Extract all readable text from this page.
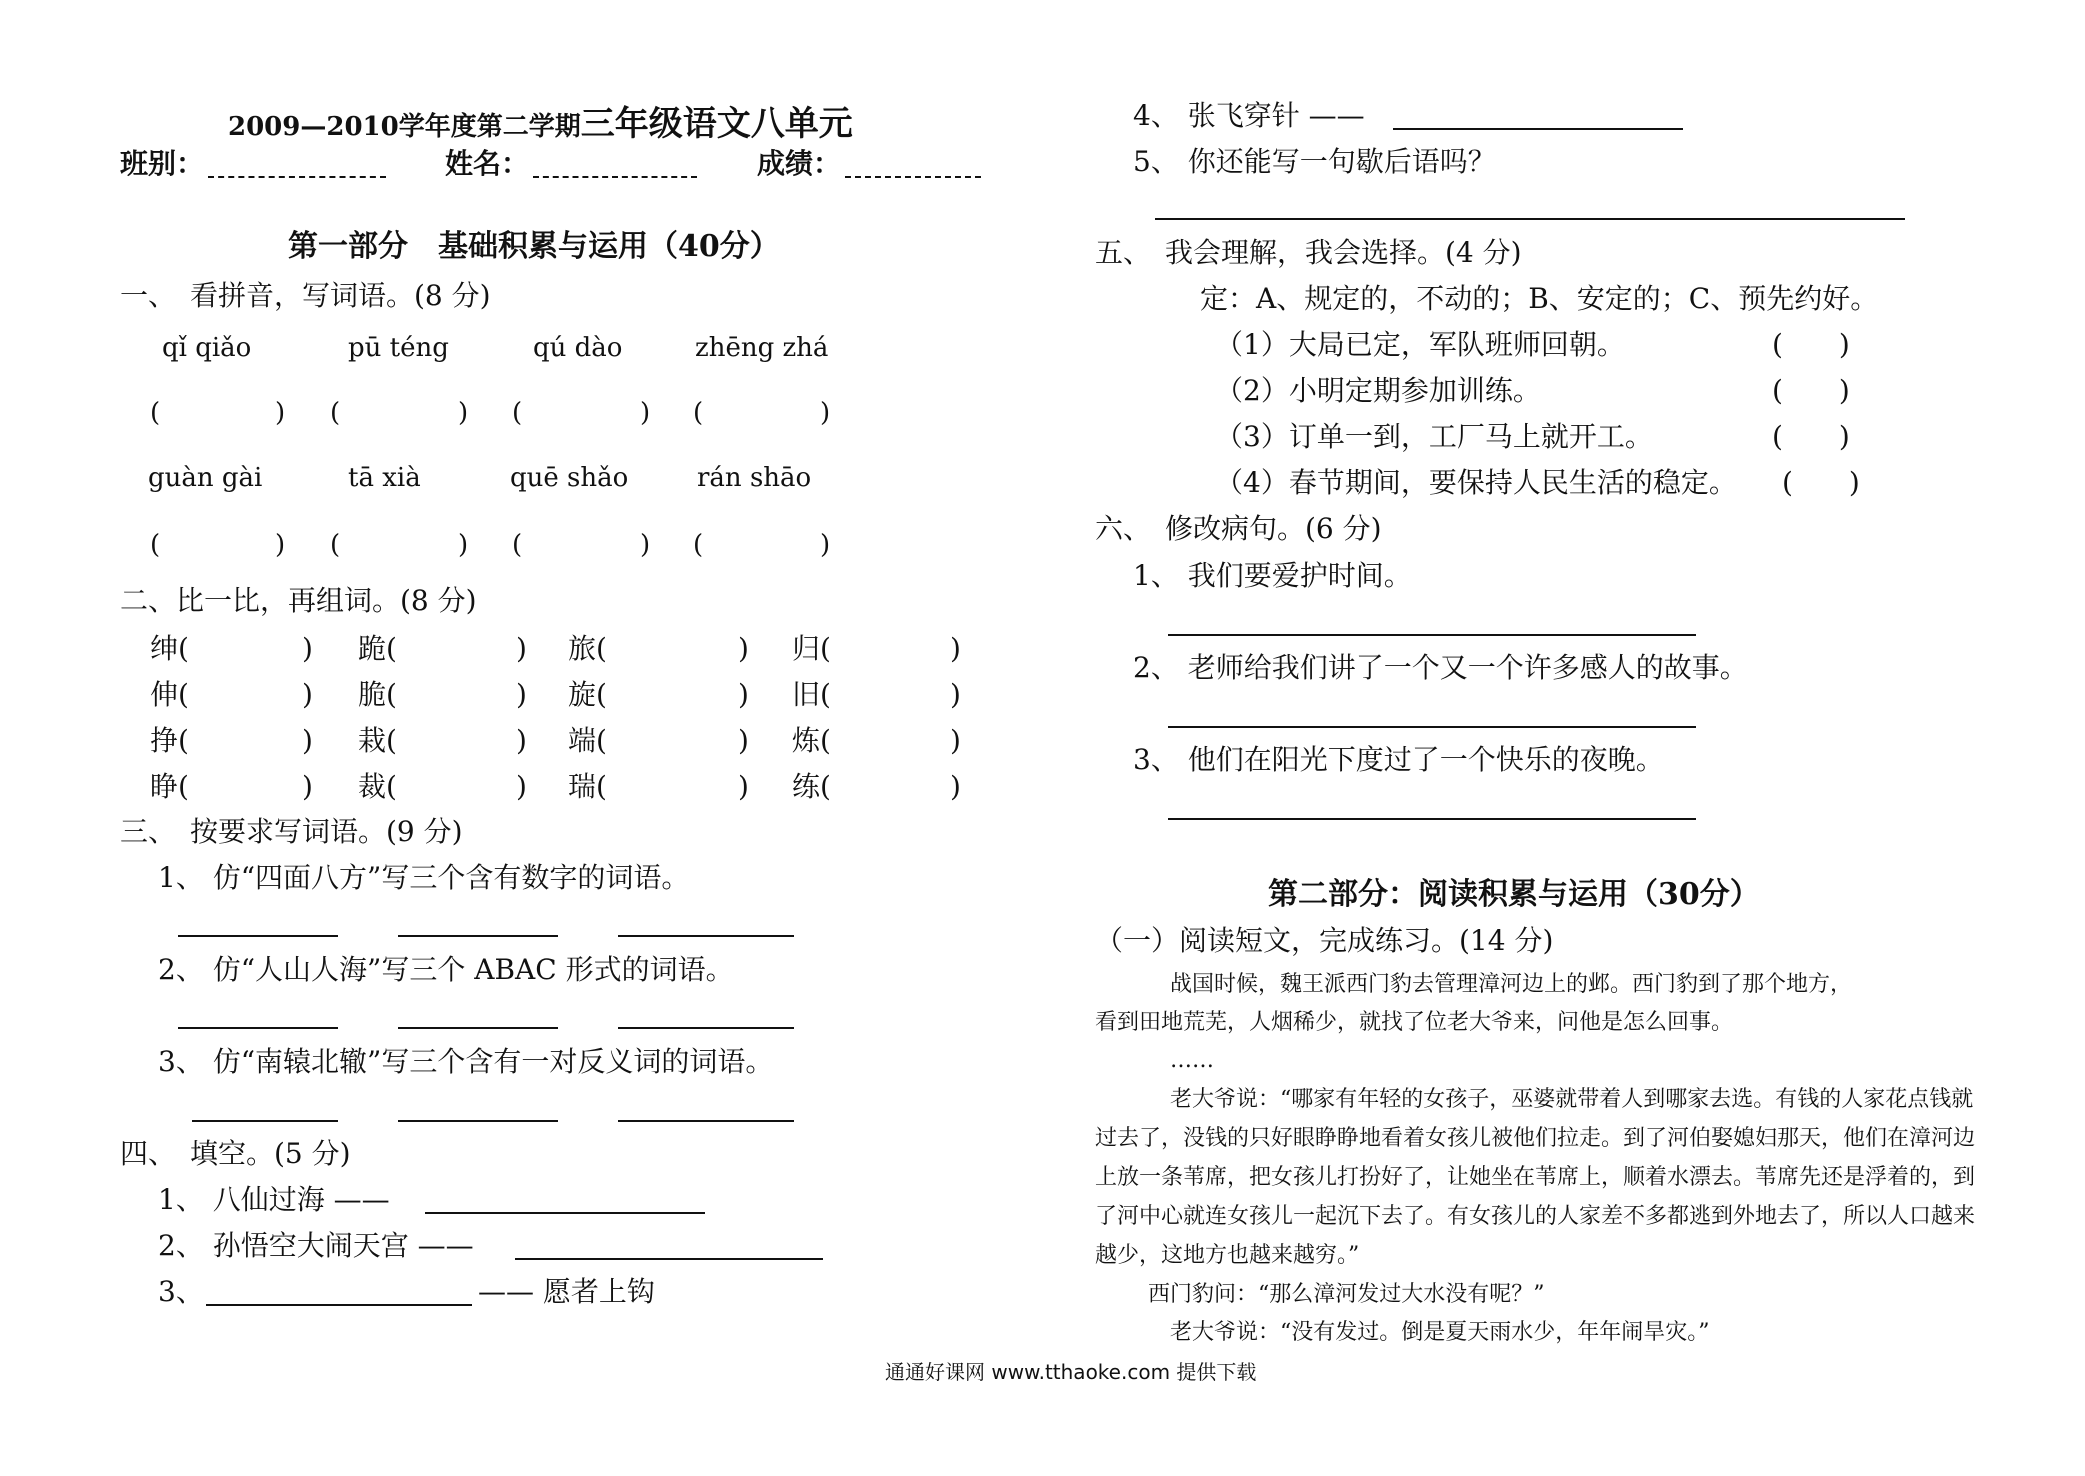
2009—2010学年度第二学期三年级语文八单元
班别：	姓名：	成绩：
第一部分　基础积累与运用（40分）
一、　看拼音，写词语。(8 分)
qǐ qiǎo	pū téng	qú dào	zhēng zhá
(	) (	) (	) (	)
guàn gài	tā xià	quē shǎo	rán shāo
(	) (	) (	) (	)
二、比一比，再组词。(8 分)
绅 (	) 跪 (	) 旅 (	) 归 (	)
伸 (	) 脆 (	) 旋 (	) 旧 (	)
挣 (	) 栽 (	) 端 (	) 炼 (	)
睁 (	) 裁 (	) 瑞 (	) 练 (	)
三、　按要求写词语。(9 分)
1、 仿“四面八方”写三个含有数字的词语。
2、 仿“人山人海”写三个 ABAC 形式的词语。
3、 仿“南辕北辙”写三个含有一对反义词的词语。
四、　填空。(5 分)
1、 八仙过海 ——
2、 孙悟空大闹天宫 ——
3、	—— 愿者上钩
4、 张飞穿针 ——
5、 你还能写一句歇后语吗？
五、　我会理解，我会选择。(4 分)
定：A、规定的，不动的；B、安定的；C、预先约好。
（1）大局已定，军队班师回朝。	(　　)
（2）小明定期参加训练。	(　　)
（3）订单一到，工厂马上就开工。	(　　)
（4）春节期间，要保持人民生活的稳定。 (　　)
六、　修改病句。(6 分)
1、 我们要爱护时间。
2、 老师给我们讲了一个又一个许多感人的故事。
3、 他们在阳光下度过了一个快乐的夜晚。
第二部分：阅读积累与运用（30分）
（一）阅读短文，完成练习。(14 分)
战国时候，魏王派西门豹去管理漳河边上的邺。西门豹到了那个地方，
看到田地荒芜，人烟稀少，就找了位老大爷来，问他是怎么回事。
……
老大爷说：“哪家有年轻的女孩子，巫婆就带着人到哪家去选。有钱的人家花点钱就
过去了，没钱的只好眼睁睁地看着女孩儿被他们拉走。到了河伯娶媳妇那天，他们在漳河边
上放一条苇席，把女孩儿打扮好了，让她坐在苇席上，顺着水漂去。苇席先还是浮着的，到
了河中心就连女孩儿一起沉下去了。有女孩儿的人家差不多都逃到外地去了，所以人口越来
越少，这地方也越来越穷。”
西门豹问：“那么漳河发过大水没有呢？”
老大爷说：“没有发过。倒是夏天雨水少，年年闹旱灾。”
通通好课网 www.tthaoke.com 提供下载
